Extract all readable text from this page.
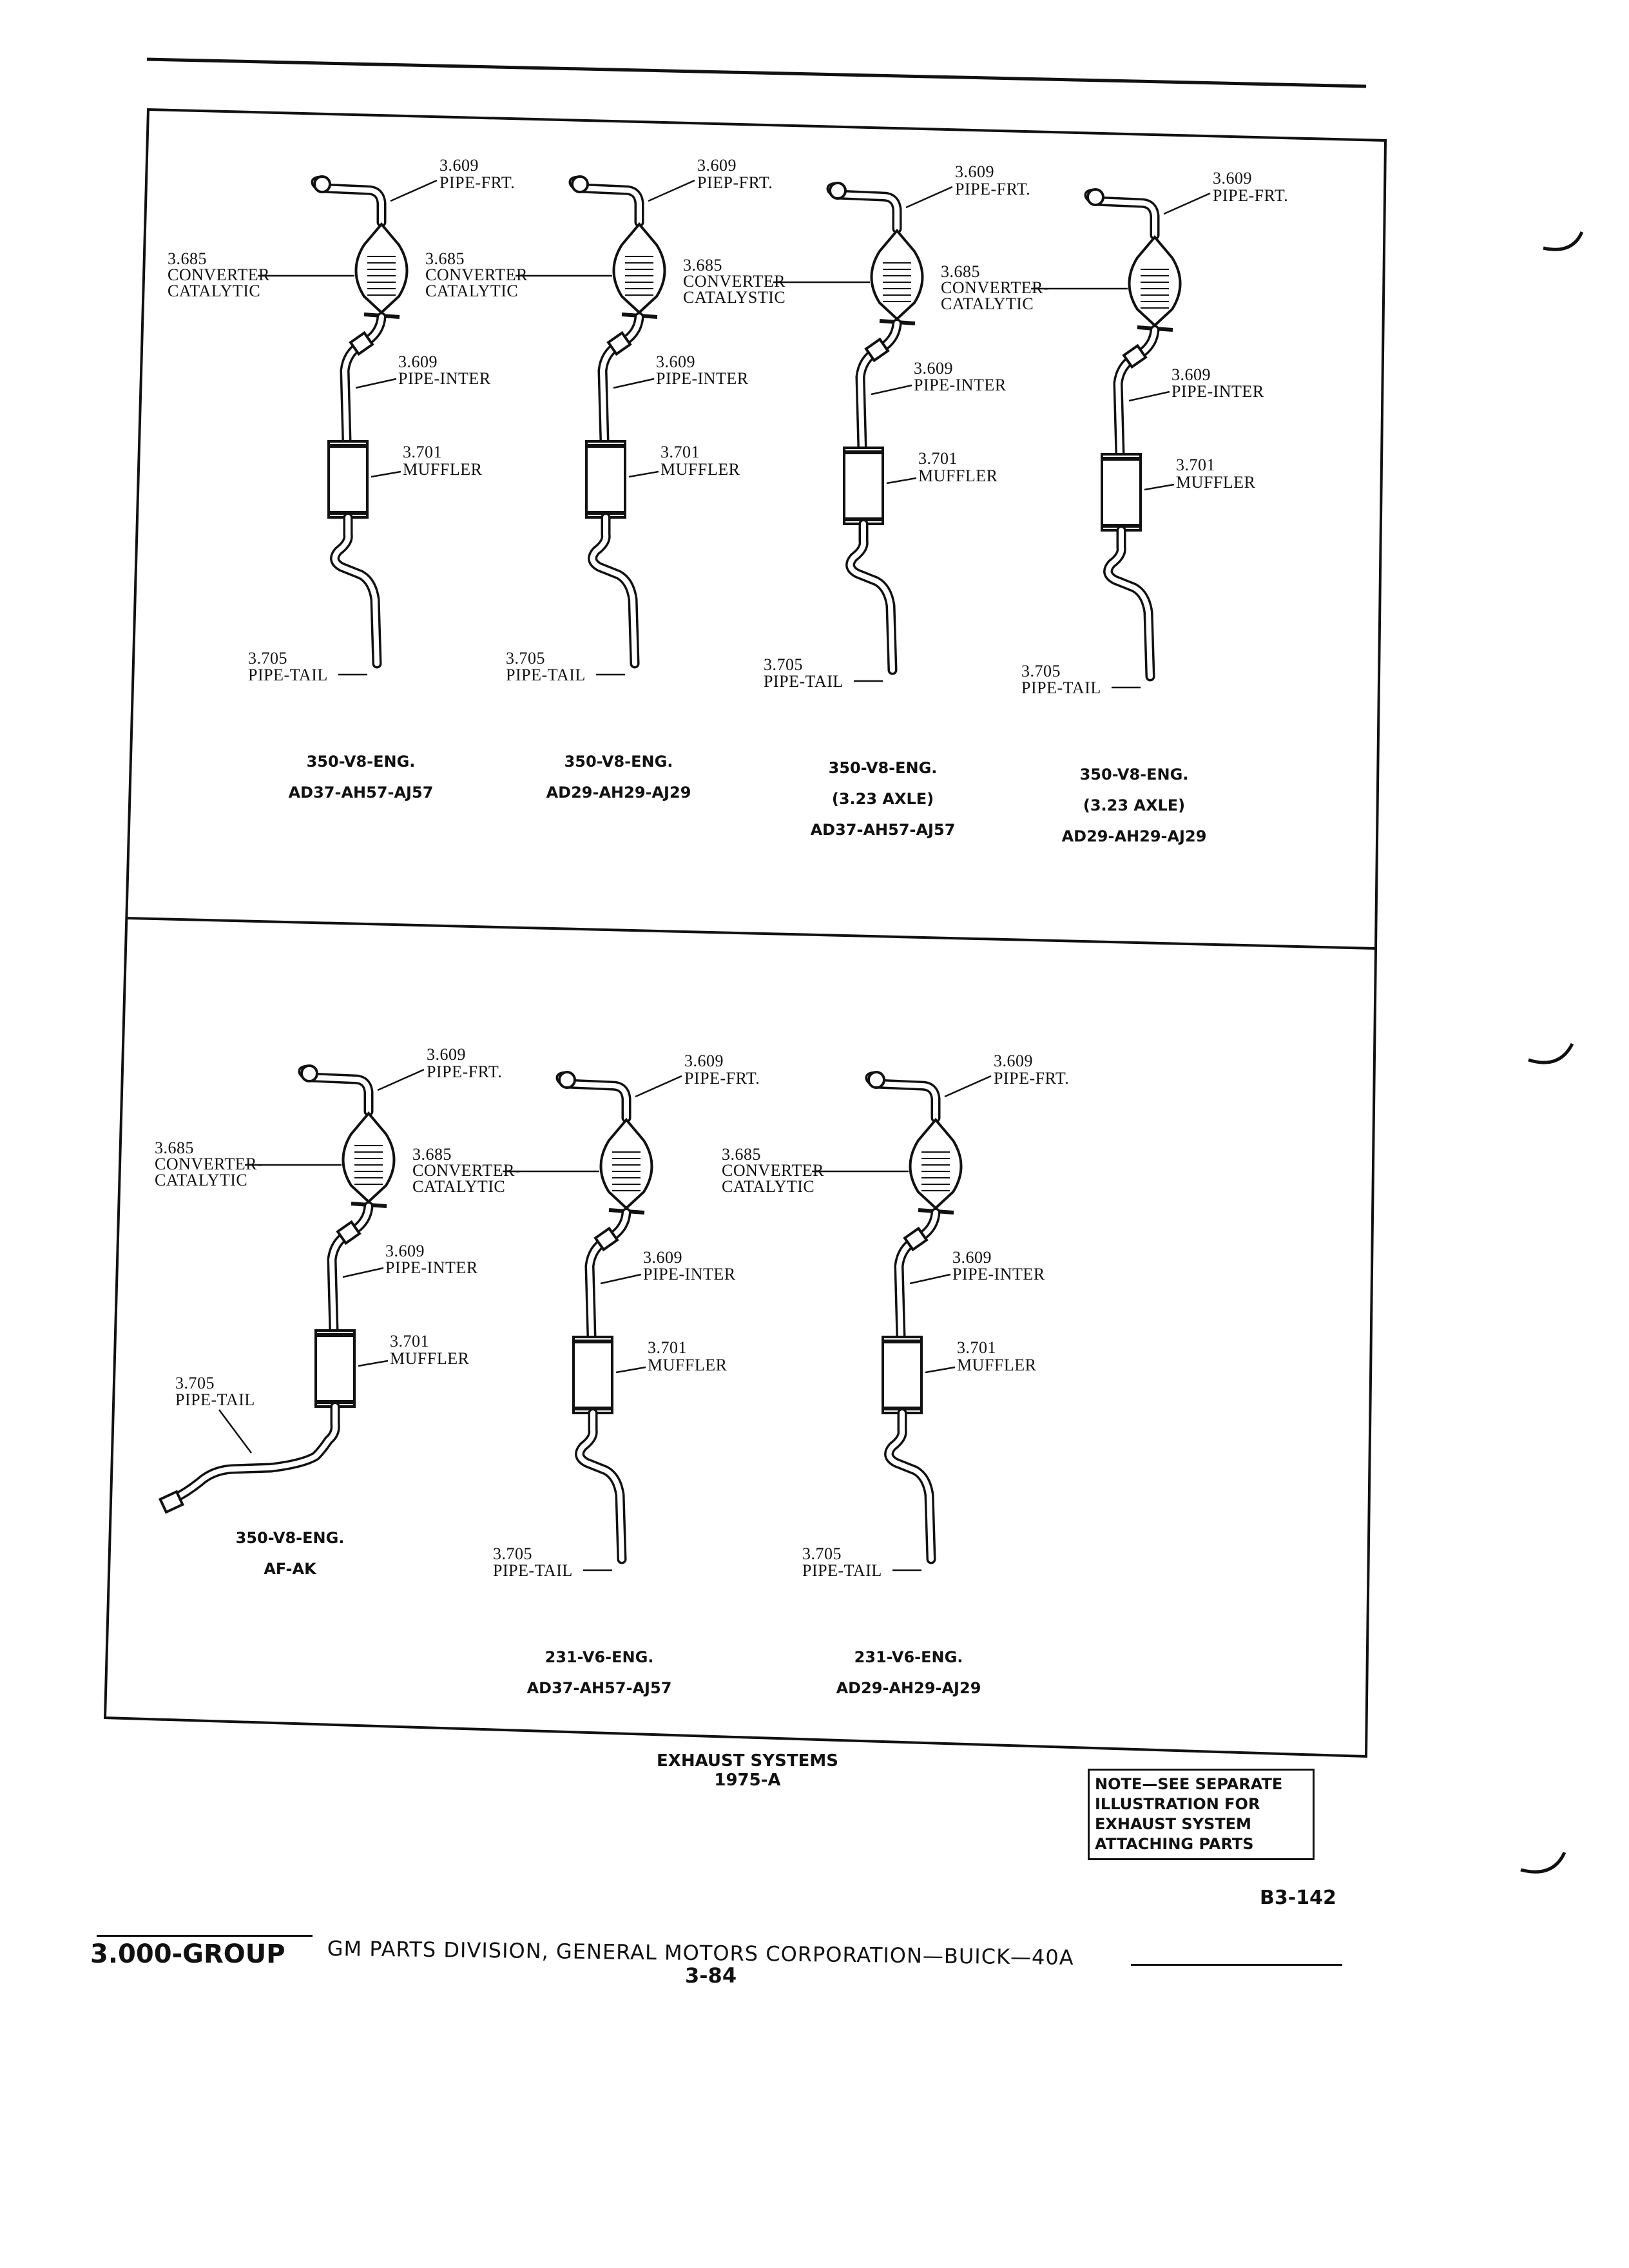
3.609
PIPE-FRT.
3.685
CONVERTER
CATALYTIC
3.609
PIPE-INTER
3.701
MUFFLER
3.705
PIPE-TAIL
350-V8-ENG.
AD37-AH57-AJ57
3.609
PIEP-FRT.
3.685
CONVERTER
CATALYTIC
3.609
PIPE-INTER
3.701
MUFFLER
3.705
PIPE-TAIL
350-V8-ENG.
AD29-AH29-AJ29
3.609
PIPE-FRT.
3.685
CONVERTER
CATALYSTIC
3.609
PIPE-INTER
3.701
MUFFLER
3.705
PIPE-TAIL
350-V8-ENG.
(3.23 AXLE)
AD37-AH57-AJ57
3.609
PIPE-FRT.
3.685
CONVERTER-
CATALYTIC
3.609
PIPE-INTER
3.701
MUFFLER
3.705
PIPE-TAIL
350-V8-ENG.
(3.23 AXLE)
AD29-AH29-AJ29
3.609
PIPE-FRT.
3.685
CONVERTER-
CATALYTIC
3.609
PIPE-INTER
3.701
MUFFLER
3.705
PIPE-TAIL
350-V8-ENG.
AF-AK
3.609
PIPE-FRT.
3.685
CONVERTER-
CATALYTIC
3.609
PIPE-INTER
3.701
MUFFLER
3.705
PIPE-TAIL
231-V6-ENG.
AD37-AH57-AJ57
3.609
PIPE-FRT.
3.685
CONVERTER
CATALYTIC
3.609
PIPE-INTER
3.701
MUFFLER
3.705
PIPE-TAIL
231-V6-ENG.
AD29-AH29-AJ29
EXHAUST SYSTEMS
1975-A	NOTE—SEE SEPARATE
ILLUSTRATION FOR
EXHAUST SYSTEM
ATTACHING PARTS
B3-142
3.000-GROUP GM PARTS DIVISION, GENERAL MOTORS CORPORATION—BUICK—40A
3-84
